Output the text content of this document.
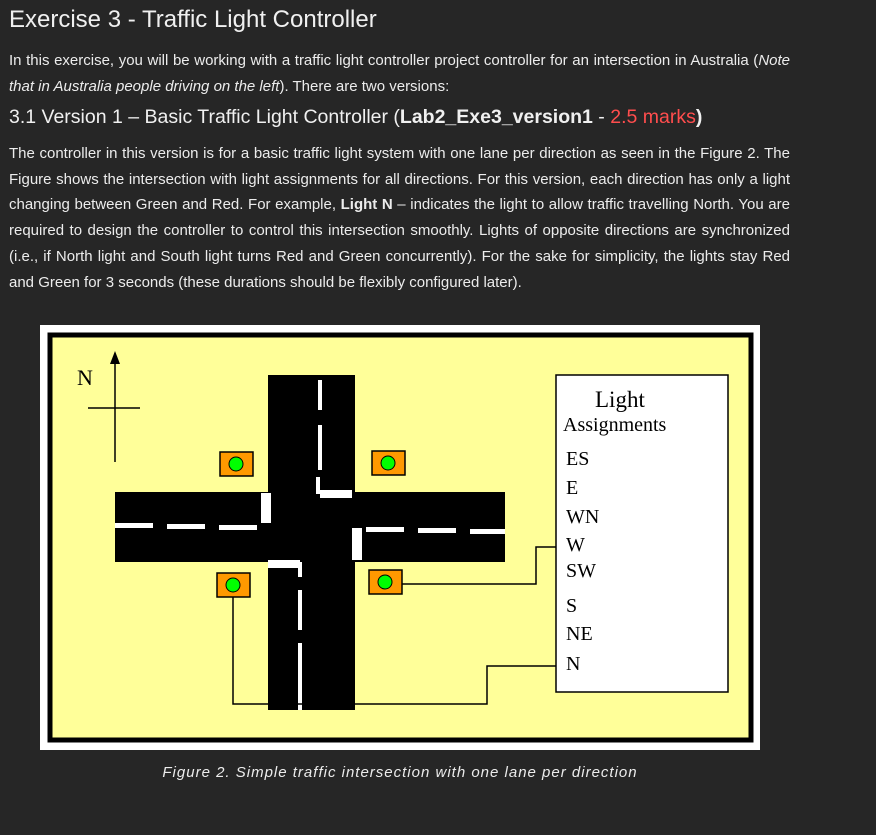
Exercise 3 - Traffic Light Controller
In this exercise, you will be working with a traffic light controller project controller for an intersection in Australia (Note that in Australia people driving on the left). There are two versions:
3.1 Version 1 – Basic Traffic Light Controller (Lab2_Exe3_version1 - 2.5 marks)
The controller in this version is for a basic traffic light system with one lane per direction as seen in the Figure 2. The Figure shows the intersection with light assignments for all directions. For this version, each direction has only a light changing between Green and Red. For example, Light N – indicates the light to allow traffic travelling North. You are required to design the controller to control this intersection smoothly. Lights of opposite directions are synchronized (i.e., if North light and South light turns Red and Green concurrently). For the sake for simplicity, the lights stay Red and Green for 3 seconds (these durations should be flexibly configured later).
N
Light
Assignments
ES
E
WN
W
SW
S
NE
N
Figure 2. Simple traffic intersection with one lane per direction
